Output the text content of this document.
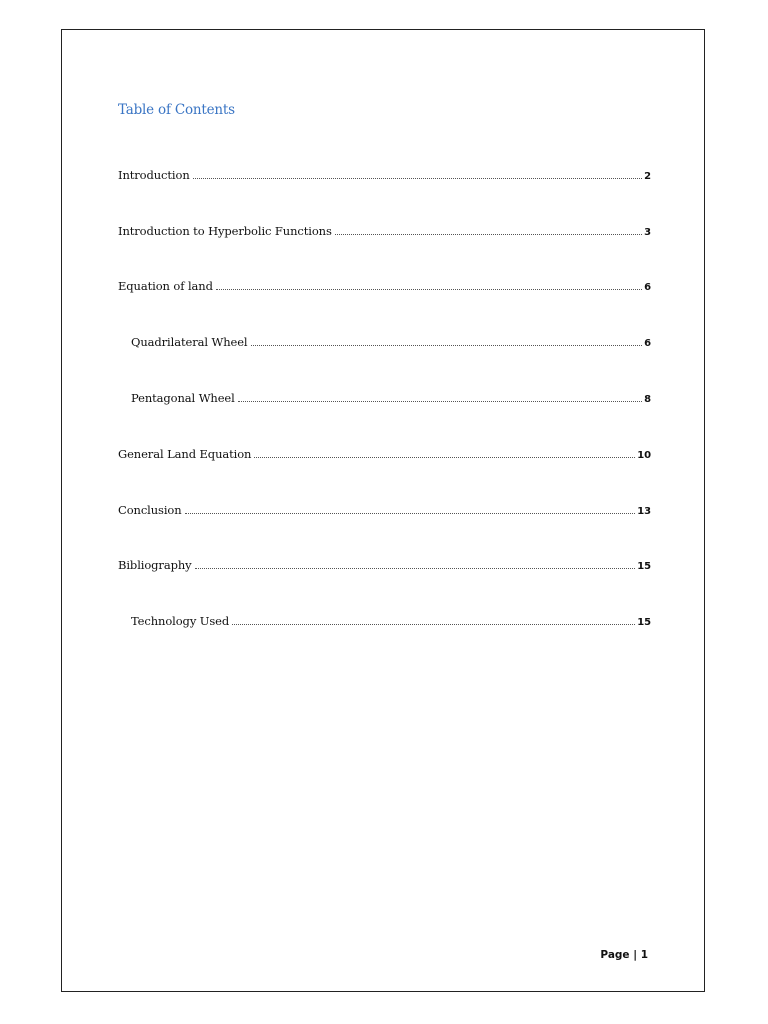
Table of Contents
Introduction	2
Introduction to Hyperbolic Functions	3
Equation of land	6
Quadrilateral Wheel	6
Pentagonal Wheel	8
General Land Equation	10
Conclusion	13
Bibliography	15
Technology Used	15
Page | 1
